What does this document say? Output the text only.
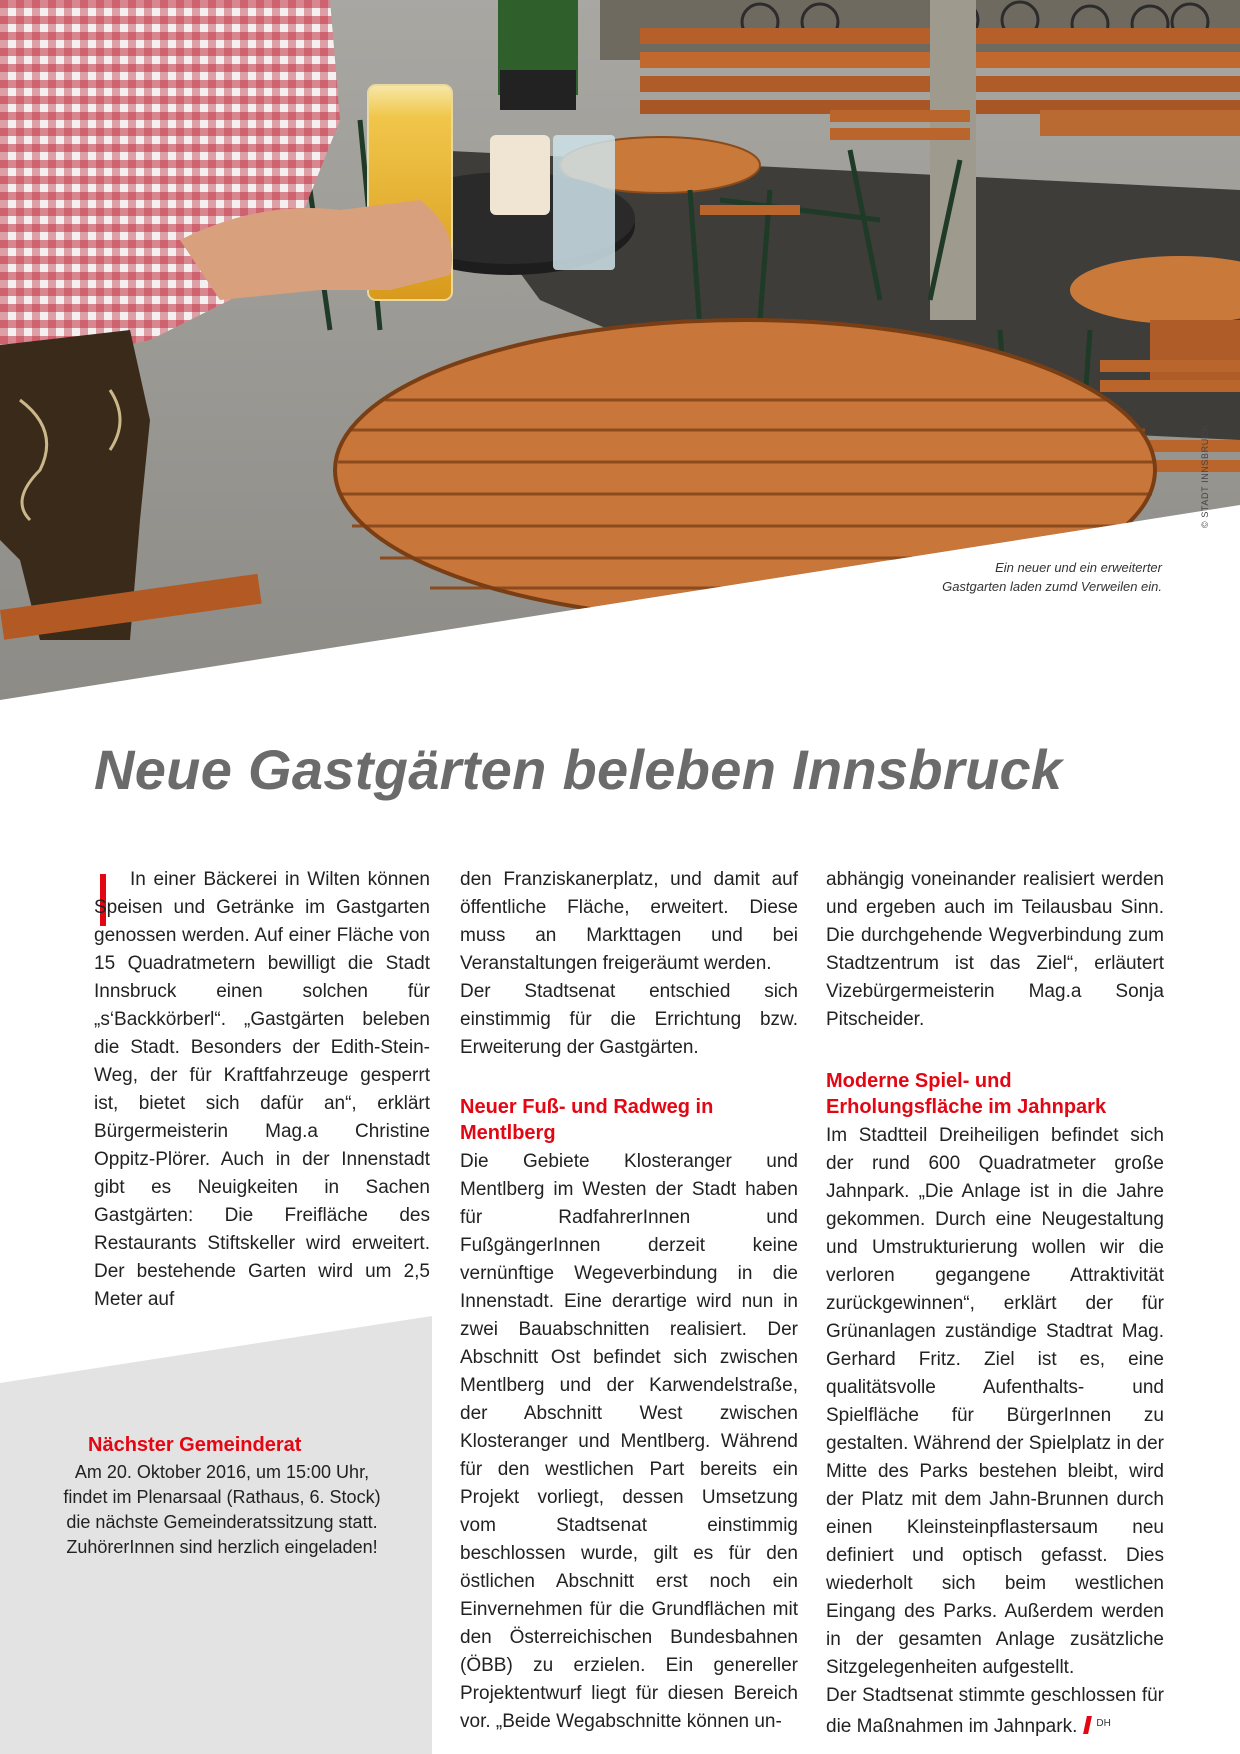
Ein neuer und ein erweiterter
Gastgarten laden zumd Verweilen ein.
© STADT INNSBRUCK
Neue Gastgärten beleben Innsbruck

In einer Bäckerei in Wilten können Speisen und Getränke im Gastgarten genossen werden. Auf einer Fläche von 15 Quadratmetern bewilligt die Stadt Innsbruck einen solchen für „s‘Backkörberl“. „Gastgärten beleben die Stadt. Besonders der Edith-Stein-Weg, der für Kraftfahrzeuge gesperrt ist, bietet sich dafür an“, erklärt Bürgermeisterin Mag.a Christine Oppitz-Plörer. Auch in der Innenstadt gibt es Neuigkeiten in Sachen Gastgärten: Die Freifläche des Restaurants Stiftskeller wird erweitert. Der bestehende Garten wird um 2,5 Meter auf

den Franziskanerplatz, und damit auf öffentliche Fläche, erweitert. Diese muss an Markttagen und bei Veranstaltungen freigeräumt werden.

Der Stadtsenat entschied sich einstimmig für die Errichtung bzw. Erweiterung der Gastgärten.

Neuer Fuß- und Radweg in Mentlberg

Die Gebiete Klosteranger und Mentlberg im Westen der Stadt haben für RadfahrerInnen und FußgängerInnen derzeit keine vernünftige Wegeverbindung in die Innenstadt. Eine derartige wird nun in zwei Bauabschnitten realisiert. Der Abschnitt Ost befindet sich zwischen Mentlberg und der Karwendelstraße, der Abschnitt West zwischen Klosteranger und Mentlberg. Während für den westlichen Part bereits ein Projekt vorliegt, dessen Umsetzung vom Stadtsenat einstimmig beschlossen wurde, gilt es für den östlichen Abschnitt erst noch ein Einvernehmen für die Grundflächen mit den Österreichischen Bundesbahnen (ÖBB) zu erzielen. Ein genereller Projektentwurf liegt für diesen Bereich vor. „Beide Wegabschnitte können un-

abhängig voneinander realisiert werden und ergeben auch im Teilausbau Sinn. Die durchgehende Wegverbindung zum Stadtzentrum ist das Ziel“, erläutert Vizebürgermeisterin Mag.a Sonja Pitscheider.

Moderne Spiel- und Erholungsfläche im Jahnpark

Im Stadtteil Dreiheiligen befindet sich der rund 600 Quadratmeter große Jahnpark. „Die Anlage ist in die Jahre gekommen. Durch eine Neugestaltung und Umstrukturierung wollen wir die verloren gegangene Attraktivität zurückgewinnen“, erklärt der für Grünanlagen zuständige Stadtrat Mag. Gerhard Fritz. Ziel ist es, eine qualitätsvolle Aufenthalts- und Spielfläche für BürgerInnen zu gestalten. Während der Spielplatz in der Mitte des Parks bestehen bleibt, wird der Platz mit dem Jahn-Brunnen durch einen Kleinsteinpflastersaum neu definiert und optisch gefasst. Dies wiederholt sich beim westlichen Eingang des Parks. Außerdem werden in der gesamten Anlage zusätzliche Sitzgelegenheiten aufgestellt.

Der Stadtsenat stimmte geschlossen für die Maßnahmen im Jahnpark. $^{DH}$

Nächster Gemeinderat

Am 20. Oktober 2016, um 15:00 Uhr, findet im Plenarsaal (Rathaus, 6. Stock) die nächste Gemeinderatssitzung statt. ZuhörerInnen sind herzlich eingeladen!
